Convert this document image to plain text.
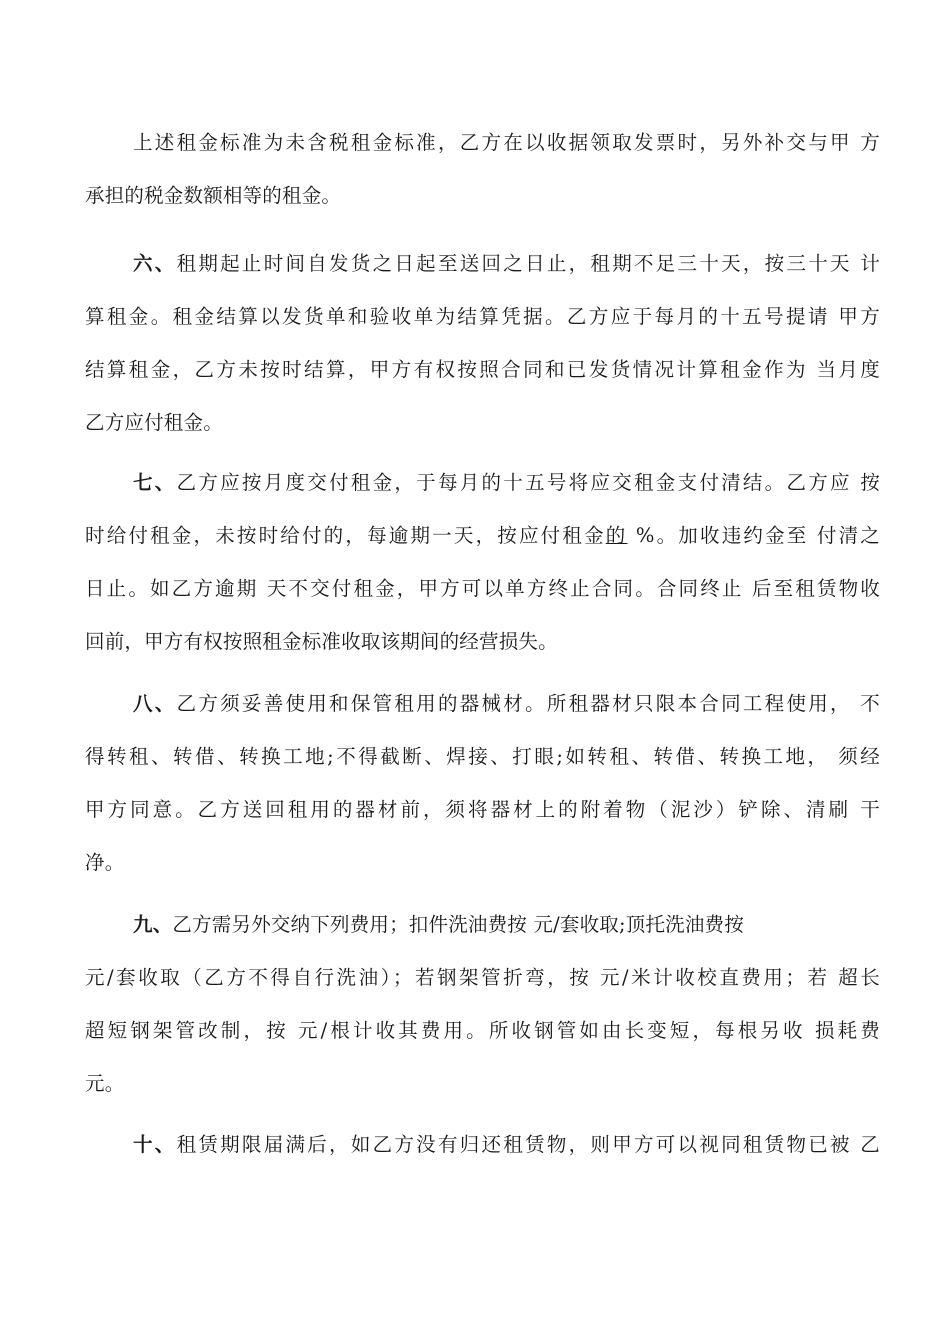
上述租金标准为未含税租金标准，乙方在以收据领取发票时，另外补交与甲 方
承担的税金数额相等的租金。
六、租期起止时间自发货之日起至送回之日止，租期不足三十天，按三十天 计
算租金。租金结算以发货单和验收单为结算凭据。乙方应于每月的十五号提请 甲方
结算租金，乙方未按时结算，甲方有权按照合同和已发货情况计算租金作为 当月度
乙方应付租金。
七、乙方应按月度交付租金，于每月的十五号将应交租金支付清结。乙方应 按
时给付租金，未按时给付的，每逾期一天，按应付租金的 %。加收违约金至 付清之
日止。如乙方逾期 天不交付租金，甲方可以单方终止合同。合同终止 后至租赁物收
回前，甲方有权按照租金标准收取该期间的经营损失。
八、乙方须妥善使用和保管租用的器械材。所租器材只限本合同工程使用， 不
得转租、转借、转换工地;不得截断、焊接、打眼;如转租、转借、转换工地， 须经
甲方同意。乙方送回租用的器材前，须将器材上的附着物（泥沙）铲除、清刷 干
净。
九、乙方需另外交纳下列费用；扣件洗油费按 元/套收取;顶托洗油费按
元/套收取（乙方不得自行洗油）；若钢架管折弯，按 元/米计收校直费用；若 超长
超短钢架管改制，按 元/根计收其费用。所收钢管如由长变短，每根另收 损耗费
元。
十、租赁期限届满后，如乙方没有归还租赁物，则甲方可以视同租赁物已被 乙
